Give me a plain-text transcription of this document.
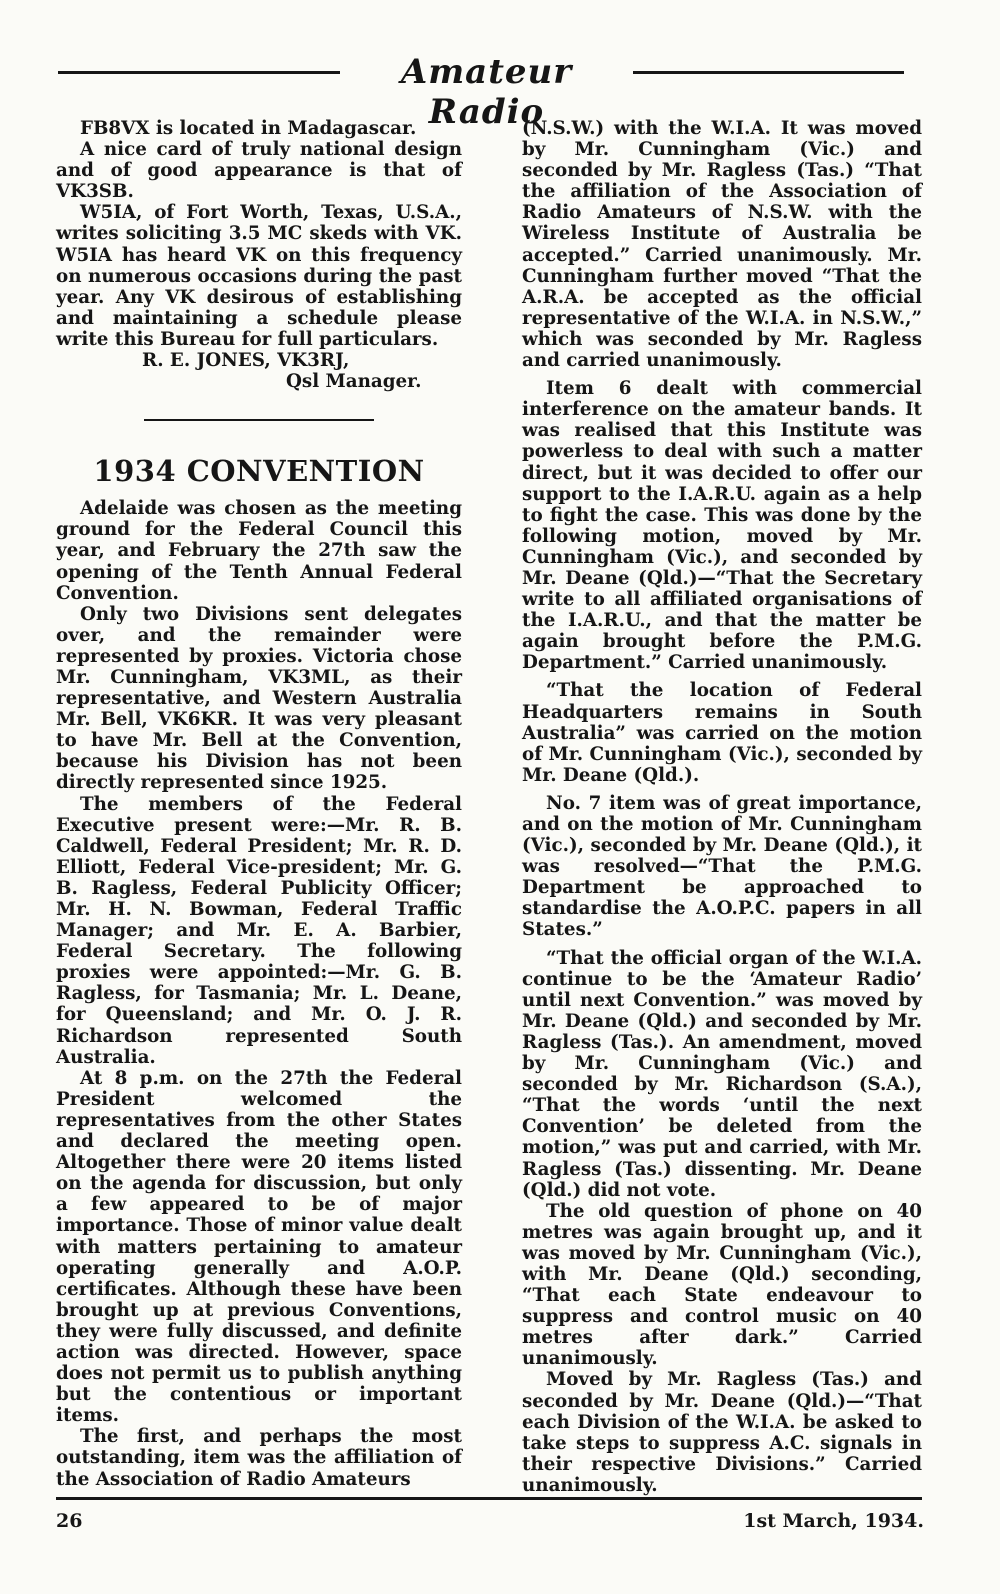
Amateur Radio

FB8VX is located in Madagascar.

A nice card of truly national design and of good appearance is that of VK3SB.

W5IA, of Fort Worth, Texas, U.S.A., writes soliciting 3.5 MC skeds with VK. W5IA has heard VK on this frequency on numerous occasions during the past year. Any VK desirous of establishing and maintaining a schedule please write this Bureau for full particulars.

R. E. JONES, VK3RJ,

Qsl Manager.

1934 CONVENTION

Adelaide was chosen as the meeting ground for the Federal Council this year, and February the 27th saw the opening of the Tenth Annual Federal Convention.

Only two Divisions sent delegates over, and the remainder were represented by proxies. Victoria chose Mr. Cunningham, VK3ML, as their representative, and Western Australia Mr. Bell, VK6KR. It was very pleasant to have Mr. Bell at the Convention, because his Division has not been directly represented since 1925.

The members of the Federal Executive present were:—Mr. R. B. Caldwell, Federal President; Mr. R. D. Elliott, Federal Vice-president; Mr. G. B. Ragless, Federal Publicity Officer; Mr. H. N. Bowman, Federal Traffic Manager; and Mr. E. A. Barbier, Federal Secretary. The following proxies were appointed:—Mr. G. B. Ragless, for Tasmania; Mr. L. Deane, for Queensland; and Mr. O. J. R. Richardson represented South Australia.

At 8 p.m. on the 27th the Federal President welcomed the representatives from the other States and declared the meeting open. Altogether there were 20 items listed on the agenda for discussion, but only a few appeared to be of major importance. Those of minor value dealt with matters pertaining to amateur operating generally and A.O.P. certificates. Although these have been brought up at previous Conventions, they were fully discussed, and definite action was directed. However, space does not permit us to publish anything but the contentious or important items.

The first, and perhaps the most outstanding, item was the affiliation of the Association of Radio Amateurs

(N.S.W.) with the W.I.A. It was moved by Mr. Cunningham (Vic.) and seconded by Mr. Ragless (Tas.) “That the affiliation of the Association of Radio Amateurs of N.S.W. with the Wireless Institute of Australia be accepted.” Carried unanimously. Mr. Cunningham further moved “That the A.R.A. be accepted as the official representative of the W.I.A. in N.S.W.,” which was seconded by Mr. Ragless and carried unanimously.

Item 6 dealt with commercial interference on the amateur bands. It was realised that this Institute was powerless to deal with such a matter direct, but it was decided to offer our support to the I.A.R.U. again as a help to fight the case. This was done by the following motion, moved by Mr. Cunningham (Vic.), and seconded by Mr. Deane (Qld.)—“That the Secretary write to all affiliated organisations of the I.A.R.U., and that the matter be again brought before the P.M.G. Department.” Carried unanimously.

“That the location of Federal Headquarters remains in South Australia” was carried on the motion of Mr. Cunningham (Vic.), seconded by Mr. Deane (Qld.).

No. 7 item was of great importance, and on the motion of Mr. Cunningham (Vic.), seconded by Mr. Deane (Qld.), it was resolved—“That the P.M.G. Department be approached to standardise the A.O.P.C. papers in all States.”

“That the official organ of the W.I.A. continue to be the ‘Amateur Radio’ until next Convention.” was moved by Mr. Deane (Qld.) and seconded by Mr. Ragless (Tas.). An amendment, moved by Mr. Cunningham (Vic.) and seconded by Mr. Richardson (S.A.), “That the words ‘until the next Convention’ be deleted from the motion,” was put and carried, with Mr. Ragless (Tas.) dissenting. Mr. Deane (Qld.) did not vote.

The old question of phone on 40 metres was again brought up, and it was moved by Mr. Cunningham (Vic.), with Mr. Deane (Qld.) seconding, “That each State endeavour to suppress and control music on 40 metres after dark.” Carried unanimously.

Moved by Mr. Ragless (Tas.) and seconded by Mr. Deane (Qld.)—“That each Division of the W.I.A. be asked to take steps to suppress A.C. signals in their respective Divisions.” Carried unanimously.

26	1st March, 1934.
